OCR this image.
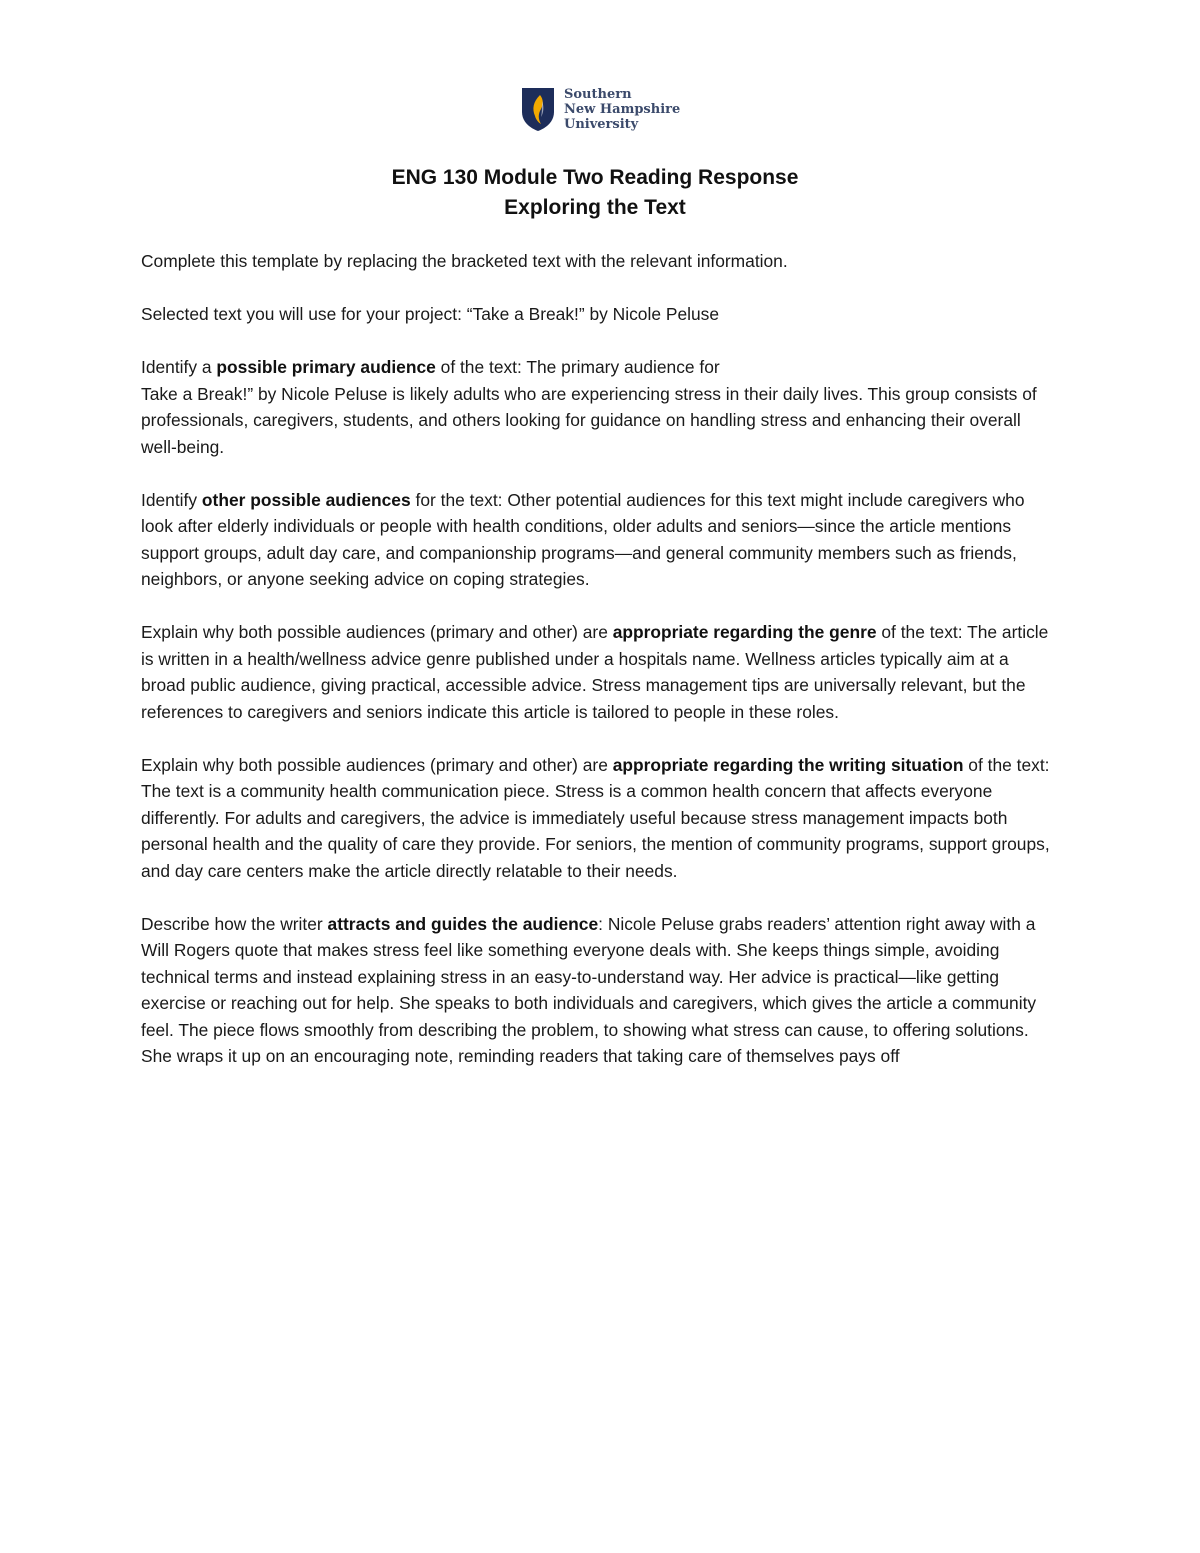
Southern
New Hampshire
University
ENG 130 Module Two Reading Response
Exploring the Text

Complete this template by replacing the bracketed text with the relevant information.

Selected text you will use for your project: “Take a Break!” by Nicole Peluse

Identify a possible primary audience of the text: The primary audience for
Take a Break!” by Nicole Peluse is likely adults who are experiencing stress in their daily lives. This group consists of professionals, caregivers, students, and others looking for guidance on handling stress and enhancing their overall well-being.

Identify other possible audiences for the text: Other potential audiences for this text might include caregivers who look after elderly individuals or people with health conditions, older adults and seniors—since the article mentions support groups, adult day care, and companionship programs—and general community members such as friends, neighbors, or anyone seeking advice on coping strategies.

Explain why both possible audiences (primary and other) are appropriate regarding the genre of the text: The article is written in a health/wellness advice genre published under a hospitals name. Wellness articles typically aim at a broad public audience, giving practical, accessible advice. Stress management tips are universally relevant, but the references to caregivers and seniors indicate this article is tailored to people in these roles.

Explain why both possible audiences (primary and other) are appropriate regarding the writing situation of the text: The text is a community health communication piece. Stress is a common health concern that affects everyone differently. For adults and caregivers, the advice is immediately useful because stress management impacts both personal health and the quality of care they provide. For seniors, the mention of community programs, support groups, and day care centers make the article directly relatable to their needs.

Describe how the writer attracts and guides the audience: Nicole Peluse grabs readers’ attention right away with a Will Rogers quote that makes stress feel like something everyone deals with. She keeps things simple, avoiding technical terms and instead explaining stress in an easy-to-understand way. Her advice is practical—like getting exercise or reaching out for help. She speaks to both individuals and caregivers, which gives the article a community feel. The piece flows smoothly from describing the problem, to showing what stress can cause, to offering solutions. She wraps it up on an encouraging note, reminding readers that taking care of themselves pays off
